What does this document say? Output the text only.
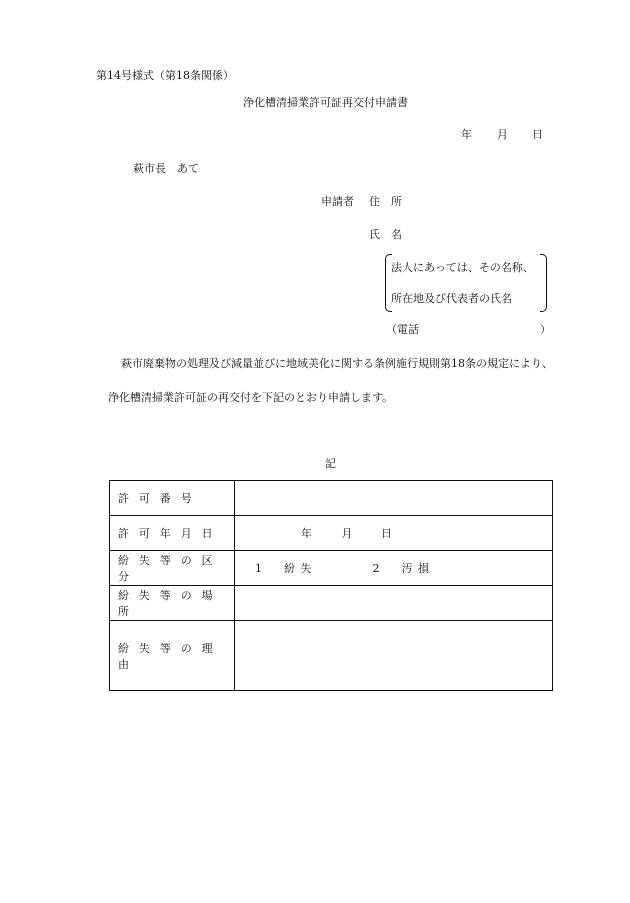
第14号様式（第18条関係）
浄化槽清掃業許可証再交付申請書
年 月 日
萩市長　あて
申請者 住　所
氏　名
法人にあっては、その名称、
所在地及び代表者の氏名
（電話	）
萩市廃棄物の処理及び減量並びに地域美化に関する条例施行規則第18条の規定により、
浄化槽清掃業許可証の再交付を下記のとおり申請します。
記
許可番号	
許可年月日	年 月 日
紛失等の区分	1　紛失 2　汚損
紛失等の場所	
紛失等の理由	
